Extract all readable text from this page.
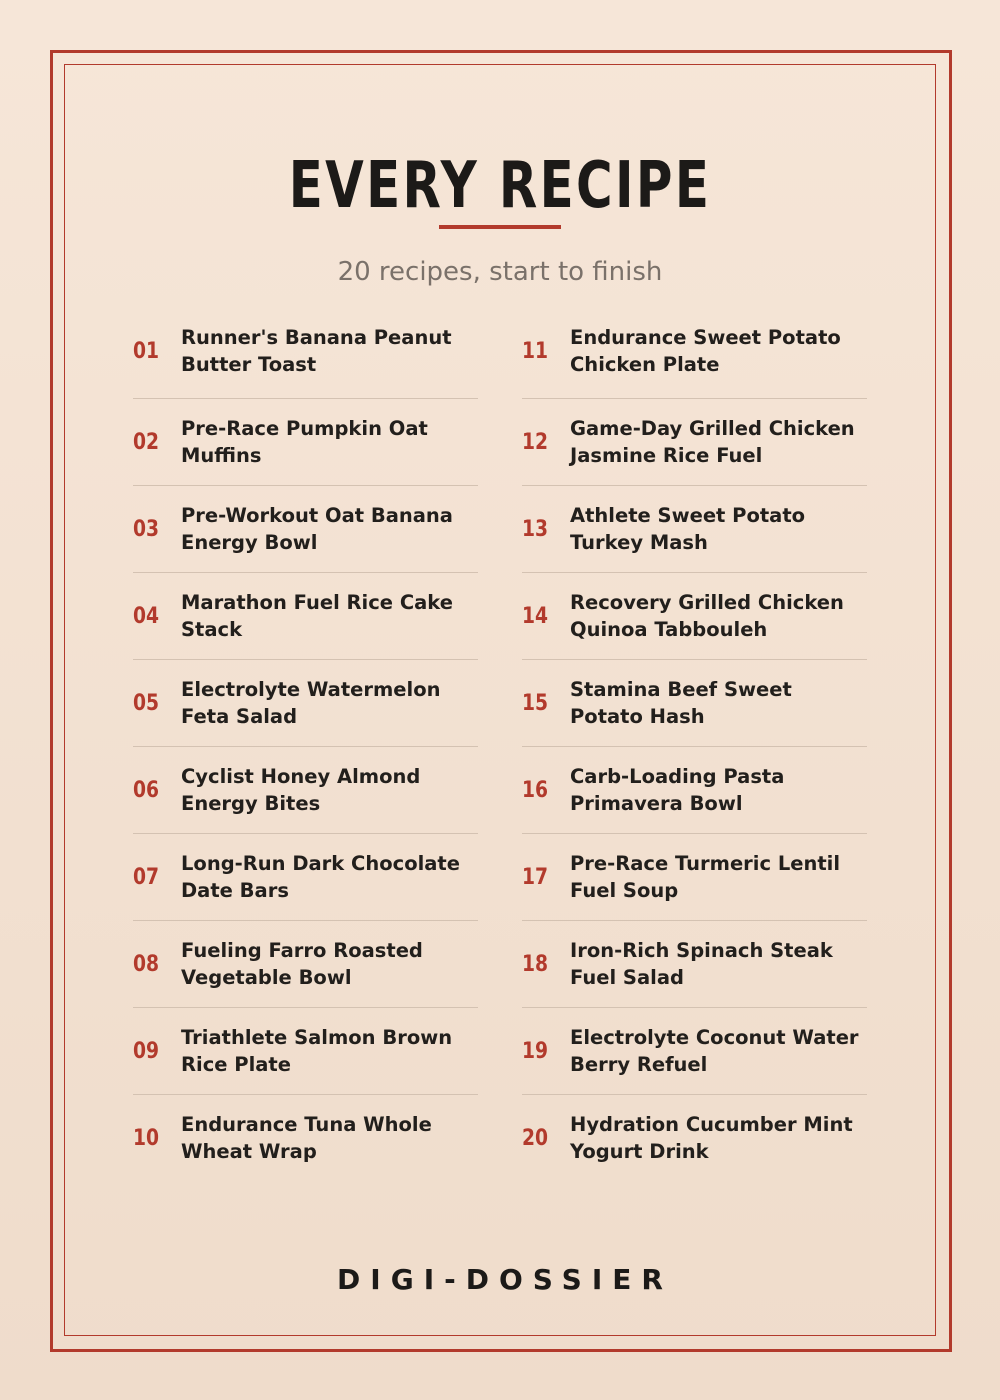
EVERY RECIPE
20 recipes, start to finish
01
Runner's Banana Peanut Butter Toast
02
Pre-Race Pumpkin Oat Muffins
03
Pre-Workout Oat Banana Energy Bowl
04
Marathon Fuel Rice Cake Stack
05
Electrolyte Watermelon Feta Salad
06
Cyclist Honey Almond Energy Bites
07
Long-Run Dark Chocolate Date Bars
08
Fueling Farro Roasted Vegetable Bowl
09
Triathlete Salmon Brown Rice Plate
10
Endurance Tuna Whole Wheat Wrap
11
Endurance Sweet Potato Chicken Plate
12
Game-Day Grilled Chicken Jasmine Rice Fuel
13
Athlete Sweet Potato Turkey Mash
14
Recovery Grilled Chicken Quinoa Tabbouleh
15
Stamina Beef Sweet Potato Hash
16
Carb-Loading Pasta Primavera Bowl
17
Pre-Race Turmeric Lentil Fuel Soup
18
Iron-Rich Spinach Steak Fuel Salad
19
Electrolyte Coconut Water Berry Refuel
20
Hydration Cucumber Mint Yogurt Drink
DIGI-DOSSIER
